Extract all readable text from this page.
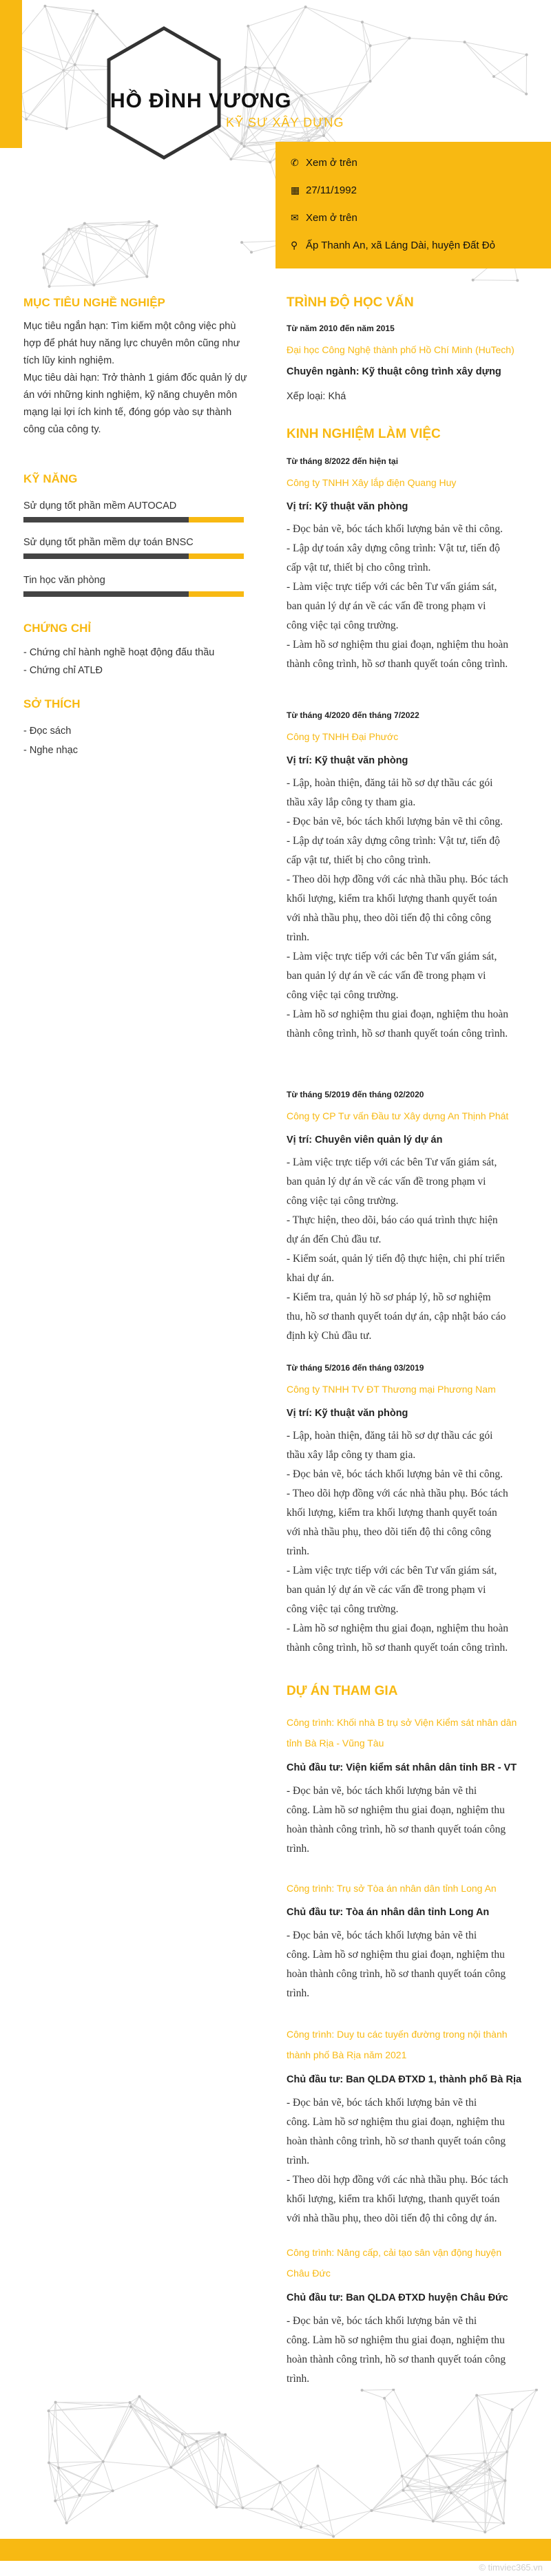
HỒ ĐÌNH VƯƠNG
KỸ SƯ XÂY DỰNG
✆ Xem ở trên
▦ 27/11/1992
✉ Xem ở trên
⚲ Ấp Thanh An, xã Láng Dài, huyện Đất Đỏ
MỤC TIÊU NGHỀ NGHIỆP
Mục tiêu ngắn hạn: Tìm kiếm một công việc phù
hợp để phát huy năng lực chuyên môn cũng như
tích lũy kinh nghiệm.
Mục tiêu dài hạn: Trở thành 1 giám đốc quản lý dự
án với những kinh nghiệm, kỹ năng chuyên môn
mạng lại lợi ích kinh tế, đóng góp vào sự thành
công của công ty.
KỸ NĂNG
Sử dụng tốt phần mềm AUTOCAD
Sử dụng tốt phần mềm dự toán BNSC
Tin học văn phòng
CHỨNG CHỈ
- Chứng chỉ hành nghề hoạt động đấu thầu
- Chứng chỉ ATLĐ
SỞ THÍCH
- Đọc sách
- Nghe nhạc
TRÌNH ĐỘ HỌC VẤN
Từ năm 2010 đến năm 2015
Đại học Công Nghệ thành phố Hồ Chí Minh (HuTech)
Chuyên ngành: Kỹ thuật công trình xây dựng
Xếp loại: Khá
KINH NGHIỆM LÀM VIỆC
Từ tháng 8/2022 đến hiện tại
Công ty TNHH Xây lắp điện Quang Huy
Vị trí: Kỹ thuật văn phòng
- Đọc bản vẽ, bóc tách khối lượng bản vẽ thi công.
- Lập dự toán xây dựng công trình: Vật tư, tiến độ
cấp vật tư, thiết bị cho công trình.
- Làm việc trực tiếp với các bên Tư vấn giám sát,
ban quản lý dự án về các vấn đề trong phạm vi
công việc tại công trường.
- Làm hồ sơ nghiệm thu giai đoạn, nghiệm thu hoàn
thành công trình, hồ sơ thanh quyết toán công trình.
Từ tháng 4/2020 đến tháng 7/2022
Công ty TNHH Đại Phước
Vị trí: Kỹ thuật văn phòng
- Lập, hoàn thiện, đăng tải hồ sơ dự thầu các gói
thầu xây lắp công ty tham gia.
- Đọc bản vẽ, bóc tách khối lượng bản vẽ thi công.
- Lập dự toán xây dựng công trình: Vật tư, tiến độ
cấp vật tư, thiết bị cho công trình.
- Theo dõi hợp đồng với các nhà thầu phụ. Bóc tách
khối lượng, kiểm tra khối lượng thanh quyết toán
với nhà thầu phụ, theo dõi tiến độ thi công công
trình.
- Làm việc trực tiếp với các bên Tư vấn giám sát,
ban quản lý dự án về các vấn đề trong phạm vi
công việc tại công trường.
- Làm hồ sơ nghiệm thu giai đoạn, nghiệm thu hoàn
thành công trình, hồ sơ thanh quyết toán công trình.
Từ tháng 5/2019 đến tháng 02/2020
Công ty CP Tư vấn Đầu tư Xây dựng An Thịnh Phát
Vị trí: Chuyên viên quản lý dự án
- Làm việc trực tiếp với các bên Tư vấn giám sát,
ban quản lý dự án về các vấn đề trong phạm vi
công việc tại công trường.
- Thực hiện, theo dõi, báo cáo quá trình thực hiện
dự án đến Chủ đầu tư.
- Kiểm soát, quản lý tiến độ thực hiện, chi phí triển
khai dự án.
- Kiểm tra, quản lý hồ sơ pháp lý, hồ sơ nghiệm
thu, hồ sơ thanh quyết toán dự án, cập nhật báo cáo
định kỳ Chủ đầu tư.
Từ tháng 5/2016 đến tháng 03/2019
Công ty TNHH TV ĐT Thương mại Phương Nam
Vị trí: Kỹ thuật văn phòng
- Lập, hoàn thiện, đăng tải hồ sơ dự thầu các gói
thầu xây lắp công ty tham gia.
- Đọc bản vẽ, bóc tách khối lượng bản vẽ thi công.
- Theo dõi hợp đồng với các nhà thầu phụ. Bóc tách
khối lượng, kiểm tra khối lượng thanh quyết toán
với nhà thầu phụ, theo dõi tiến độ thi công công
trình.
- Làm việc trực tiếp với các bên Tư vấn giám sát,
ban quản lý dự án về các vấn đề trong phạm vi
công việc tại công trường.
- Làm hồ sơ nghiệm thu giai đoạn, nghiệm thu hoàn
thành công trình, hồ sơ thanh quyết toán công trình.
DỰ ÁN THAM GIA
Công trình: Khối nhà B trụ sở Viện Kiểm sát nhân dân
tỉnh Bà Rịa - Vũng Tàu
Chủ đầu tư: Viện kiểm sát nhân dân tỉnh BR - VT
- Đọc bản vẽ, bóc tách khối lượng bản vẽ thi
công. Làm hồ sơ nghiệm thu giai đoạn, nghiệm thu
hoàn thành công trình, hồ sơ thanh quyết toán công
trình.
Công trình: Trụ sở Tòa án nhân dân tỉnh Long An
Chủ đầu tư: Tòa án nhân dân tỉnh Long An
- Đọc bản vẽ, bóc tách khối lượng bản vẽ thi
công. Làm hồ sơ nghiệm thu giai đoạn, nghiệm thu
hoàn thành công trình, hồ sơ thanh quyết toán công
trình.
Công trình: Duy tu các tuyến đường trong nội thành
thành phố Bà Rịa năm 2021
Chủ đầu tư: Ban QLDA ĐTXD 1, thành phố Bà Rịa
- Đọc bản vẽ, bóc tách khối lượng bản vẽ thi
công. Làm hồ sơ nghiệm thu giai đoạn, nghiệm thu
hoàn thành công trình, hồ sơ thanh quyết toán công
trình.
- Theo dõi hợp đồng với các nhà thầu phụ. Bóc tách
khối lượng, kiểm tra khối lượng, thanh quyết toán
với nhà thầu phụ, theo dõi tiến độ thi công dự án.
Công trình: Nâng cấp, cải tạo sân vận động huyện
Châu Đức
Chủ đầu tư: Ban QLDA ĐTXD huyện Châu Đức
- Đọc bản vẽ, bóc tách khối lượng bản vẽ thi
công. Làm hồ sơ nghiệm thu giai đoạn, nghiệm thu
hoàn thành công trình, hồ sơ thanh quyết toán công
trình.
© timviec365.vn
